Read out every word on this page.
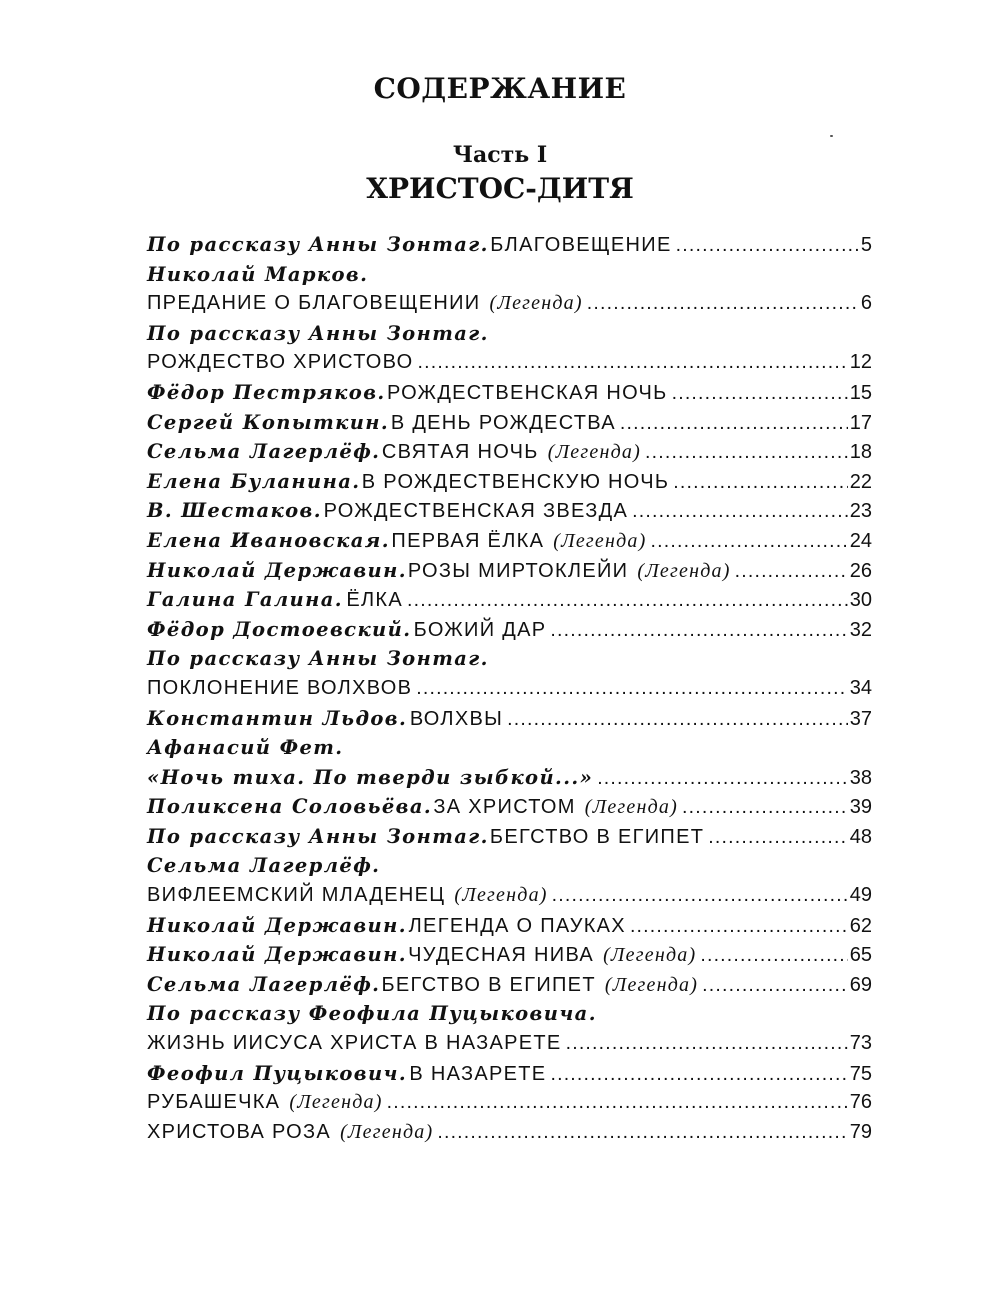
СОДЕРЖАНИЕ
Часть I
ХРИСТОС-ДИТЯ
По рассказу Анны Зонтаг. БЛАГОВЕЩЕНИЕ .....	5
Николай Марков.
ПРЕДАНИЕ О БЛАГОВЕЩЕНИИ (Легенда) .....	6
По рассказу Анны Зонтаг.
РОЖДЕСТВО ХРИСТОВО .....	12
Фёдор Пестряков. РОЖДЕСТВЕНСКАЯ НОЧЬ .....	15
Сергей Копыткин. В ДЕНЬ РОЖДЕСТВА .....	17
Сельма Лагерлёф. СВЯТАЯ НОЧЬ (Легенда) .....	18
Елена Буланина. В РОЖДЕСТВЕНСКУЮ НОЧЬ .....	22
В. Шестаков. РОЖДЕСТВЕНСКАЯ ЗВЕЗДА .....	23
Елена Ивановская. ПЕРВАЯ ЁЛКА (Легенда) .....	24
Николай Державин. РОЗЫ МИРТОКЛЕЙИ (Легенда) .....	26
Галина Галина. ЁЛКА .....	30
Фёдор Достоевский. БОЖИЙ ДАР .....	32
По рассказу Анны Зонтаг.
ПОКЛОНЕНИЕ ВОЛХВОВ .....	34
Константин Льдов. ВОЛХВЫ .....	37
Афанасий Фет.
«Ночь тиха. По тверди зыбкой...» .....	38
Поликсена Соловьёва. ЗА ХРИСТОМ (Легенда) .....	39
По рассказу Анны Зонтаг. БЕГСТВО В ЕГИПЕТ .....	48
Сельма Лагерлёф.
ВИФЛЕЕМСКИЙ МЛАДЕНЕЦ (Легенда) .....	49
Николай Державин. ЛЕГЕНДА О ПАУКАХ .....	62
Николай Державин. ЧУДЕСНАЯ НИВА (Легенда) .....	65
Сельма Лагерлёф. БЕГСТВО В ЕГИПЕТ (Легенда) .....	69
По рассказу Феофила Пуцыковича.
ЖИЗНЬ ИИСУСА ХРИСТА В НАЗАРЕТЕ .....	73
Феофил Пуцыкович. В НАЗАРЕТЕ .....	75
РУБАШЕЧКА (Легенда) .....	76
ХРИСТОВА РОЗА (Легенда) .....	79
